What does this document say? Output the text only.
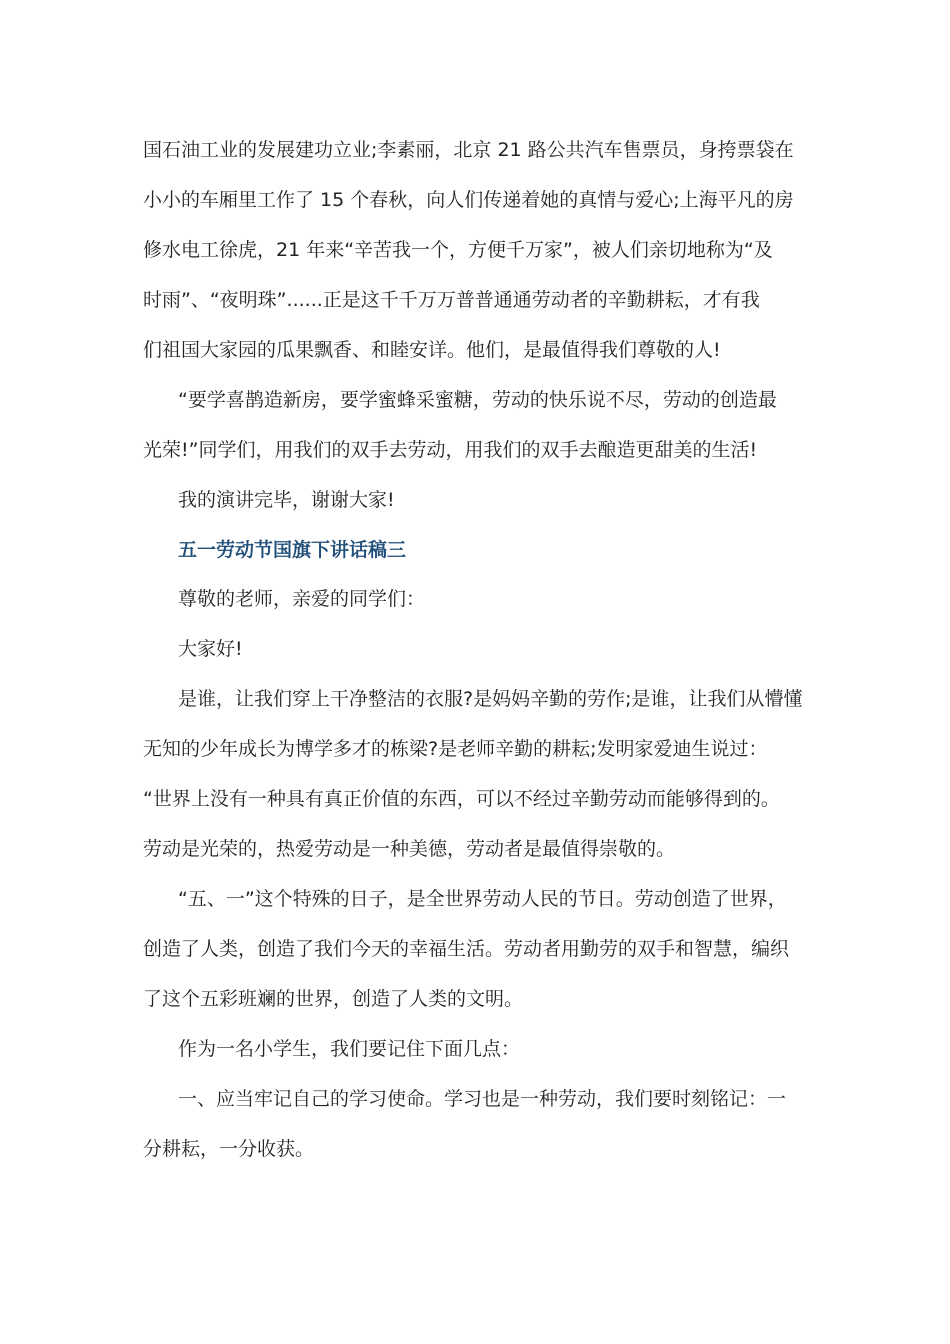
国石油工业的发展建功立业;李素丽，北京 21 路公共汽车售票员，身挎票袋在
小小的车厢里工作了 15 个春秋，向人们传递着她的真情与爱心;上海平凡的房
修水电工徐虎，21 年来“辛苦我一个，方便千万家”，被人们亲切地称为“及
时雨”、“夜明珠”......正是这千千万万普普通通劳动者的辛勤耕耘，才有我
们祖国大家园的瓜果飘香、和睦安详。他们，是最值得我们尊敬的人!
“要学喜鹊造新房，要学蜜蜂采蜜糖，劳动的快乐说不尽，劳动的创造最
光荣!”同学们，用我们的双手去劳动，用我们的双手去酿造更甜美的生活!
我的演讲完毕，谢谢大家!
五一劳动节国旗下讲话稿三
尊敬的老师，亲爱的同学们：
大家好!
是谁，让我们穿上干净整洁的衣服?是妈妈辛勤的劳作;是谁，让我们从懵懂
无知的少年成长为博学多才的栋梁?是老师辛勤的耕耘;发明家爱迪生说过：
“世界上没有一种具有真正价值的东西，可以不经过辛勤劳动而能够得到的。
劳动是光荣的，热爱劳动是一种美德，劳动者是最值得崇敬的。
“五、一”这个特殊的日子，是全世界劳动人民的节日。劳动创造了世界，
创造了人类，创造了我们今天的幸福生活。劳动者用勤劳的双手和智慧，编织
了这个五彩班斓的世界，创造了人类的文明。
作为一名小学生，我们要记住下面几点：
一、应当牢记自己的学习使命。学习也是一种劳动，我们要时刻铭记：一
分耕耘，一分收获。
